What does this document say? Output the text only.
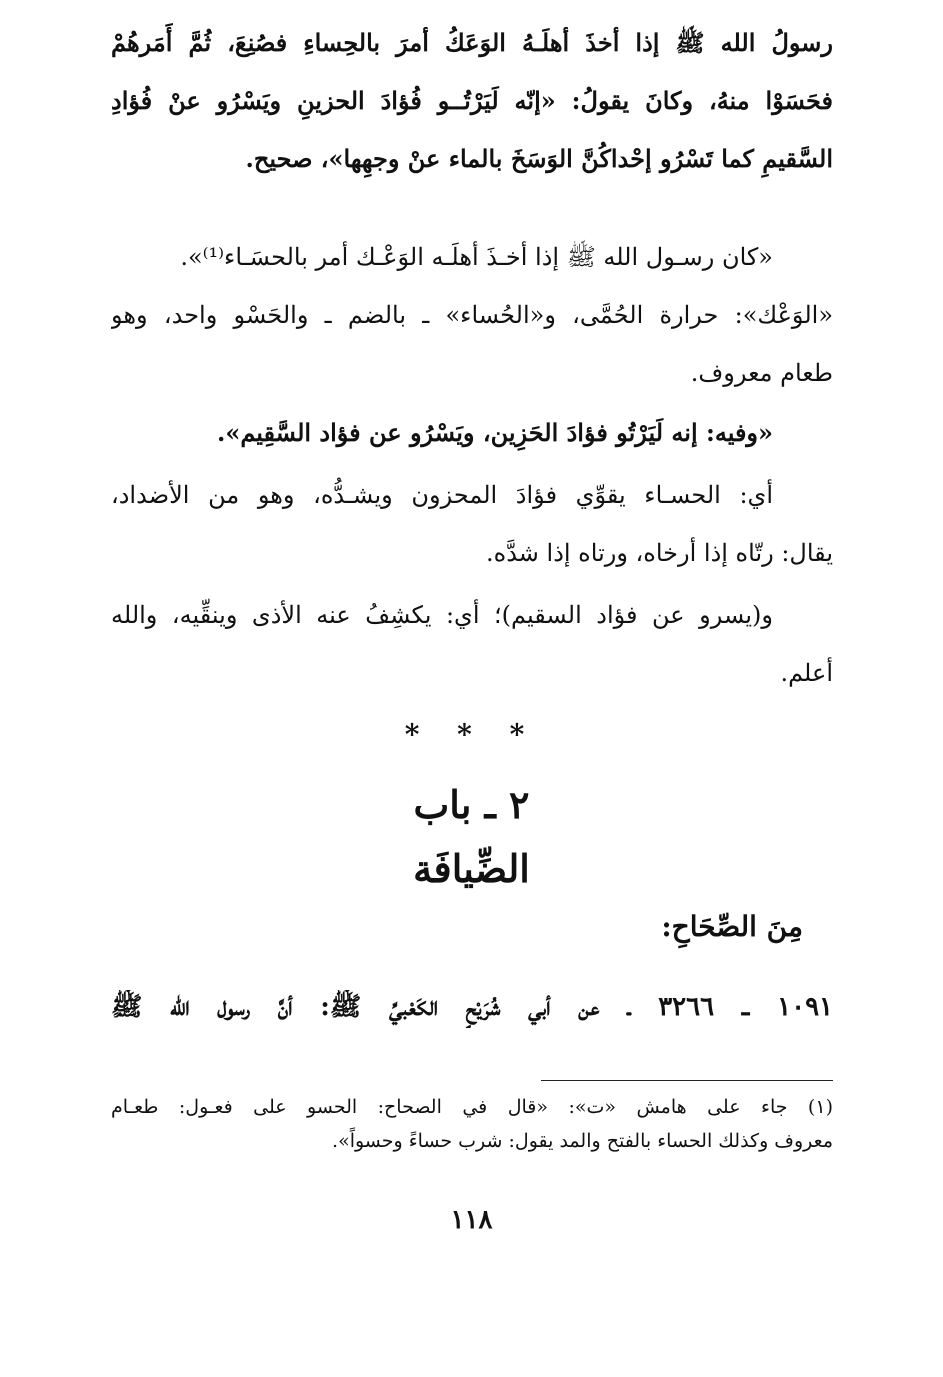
رسولُ الله ﷺ إذا أخذَ أهلَـهُ الوَعَكُ أمرَ بالحِساءِ فصُنِعَ، ثُمَّ أَمَرهُمْ
فحَسَوْا منهُ، وكانَ يقولُ: «إنّه لَيَرْتُــو فُؤادَ الحزينِ ويَسْرُو عنْ فُؤادِ
السَّقيمِ كما تَسْرُو إحْداكُنَّ الوَسَخَ بالماء عنْ وجهِها»، صحيح.
«كان رسـول الله ﷺ إذا أخـذَ أهلَـه الوَعْـك أمر بالحسَـاء⁽¹⁾».
«الوَعْك»: حرارة الحُمَّى، و«الحُساء» ـ بالضم ـ والحَسْو واحد، وهو
طعام معروف.
«وفيه: إنه لَيَرْتُو فؤادَ الحَزِين، ويَسْرُو عن فؤاد السَّقِيم».
أي: الحسـاء يقوِّي فؤادَ المحزون ويشـدُّه، وهو من الأضداد،
يقال: رتّاه إذا أرخاه، ورتاه إذا شدَّه.
و(يسرو عن فؤاد السقيم)؛ أي: يكشِفُ عنه الأذى وينقِّيه، والله
أعلم.
* * *
٢ ـ باب
الضِّيافَة
مِنَ الصِّحَاحِ:
١٠٩١ ـ ٣٢٦٦ ـ عن أبي شُرَيْحٍ الكَعْبيِّ ﷺ: أنَّ رسول الله ﷺ
(١) جاء على هامش «ت»: «قال في الصحاح: الحسو على فعـول: طعـام
معروف وكذلك الحساء بالفتح والمد يقول: شرب حساءً وحسواً».
١١٨
